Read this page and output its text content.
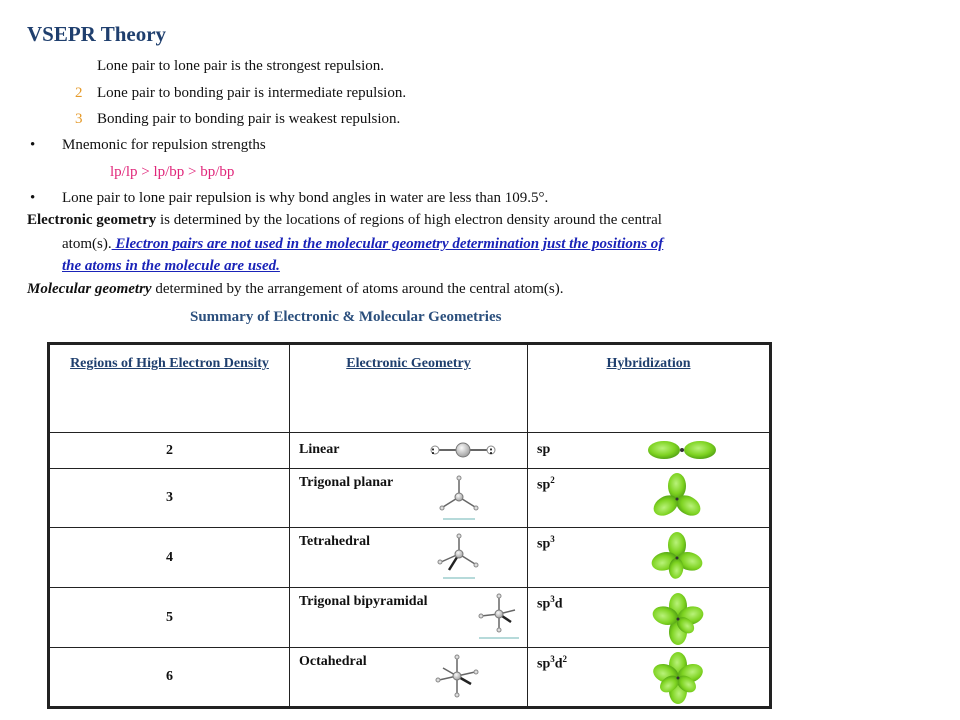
VSEPR Theory
Lone pair to lone pair is the strongest repulsion.
2 Lone pair to bonding pair is intermediate repulsion.
3 Bonding pair to bonding pair is weakest repulsion.
• Mnemonic for repulsion strengths
lp/lp > lp/bp > bp/bp
• Lone pair to lone pair repulsion is why bond angles in water are less than 109.5°.
Electronic geometry is determined by the locations of regions of high electron density around the central
atom(s). Electron pairs are not used in the molecular geometry determination just the positions of
the atoms in the molecule are used.
Molecular geometry determined by the arrangement of atoms around the central atom(s).
Summary of Electronic & Molecular Geometries
Regions of High Electron Density	Electronic Geometry	Hybridization
2	Linear : :	sp

3	Trigonal planar	$sp^2$

4	Tetrahedral	$sp^3$

5	Trigonal bipyramidal	$sp^3d$

6	Octahedral	$sp^3d^2$
